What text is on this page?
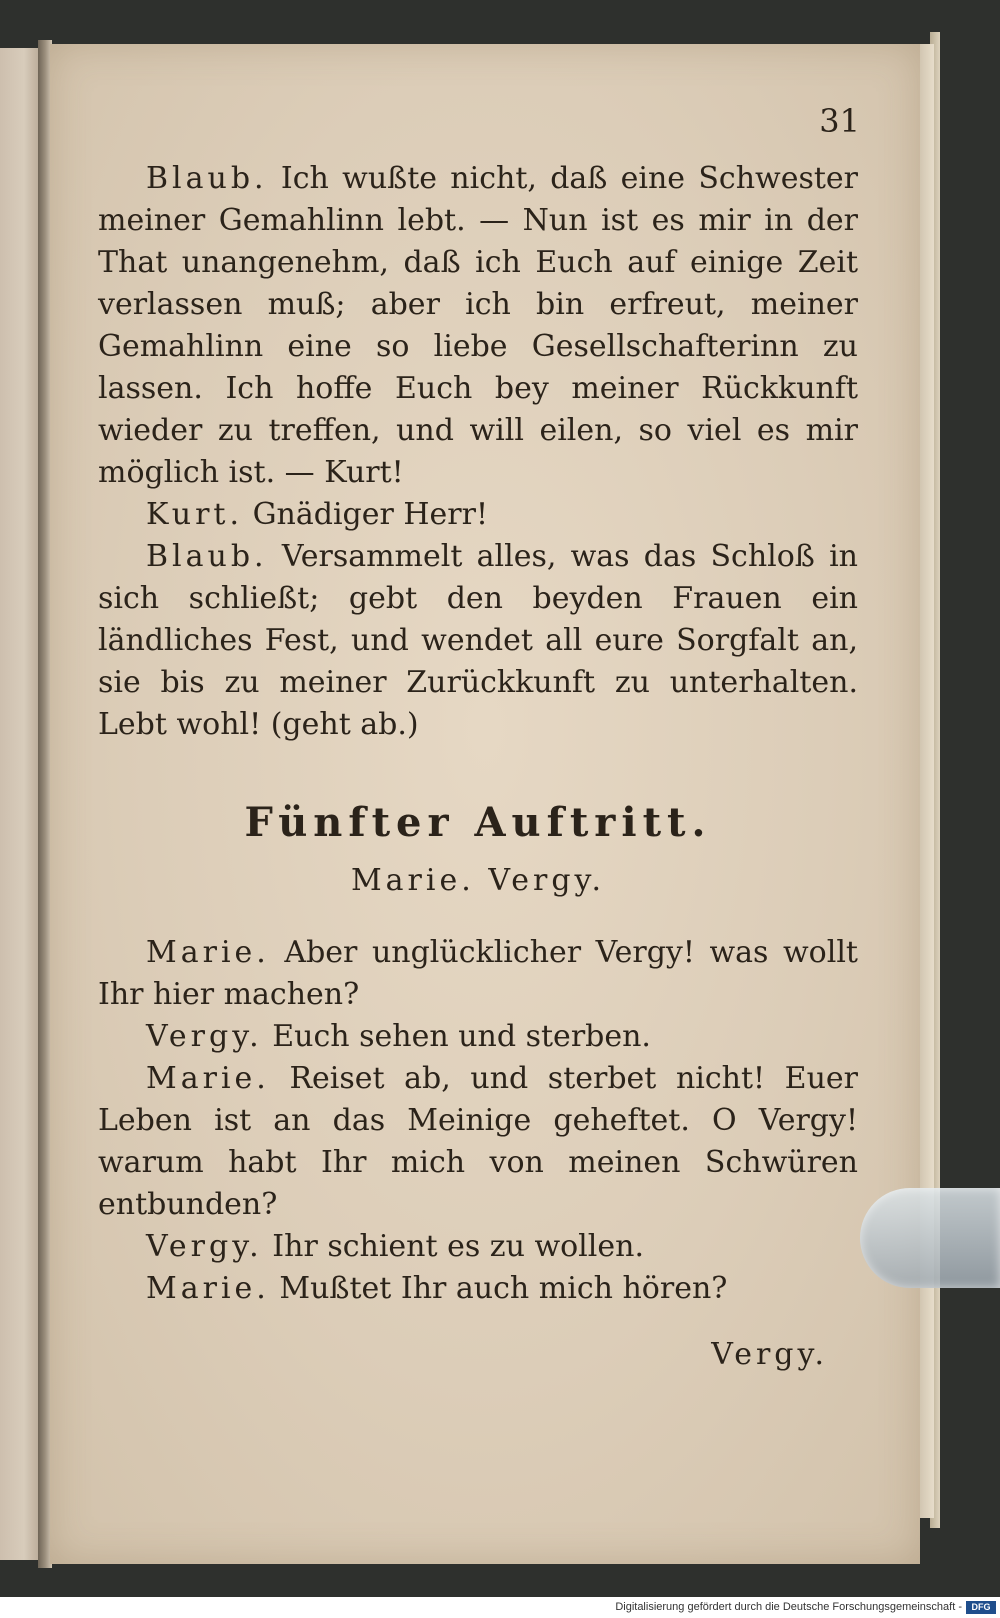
31

Blaub. Ich wußte nicht, daß eine Schwester meiner Gemahlinn lebt. — Nun ist es mir in der That unangenehm, daß ich Euch auf einige Zeit verlassen muß; aber ich bin erfreut, meiner Gemahlinn eine so liebe Gesellschafterinn zu lassen. Ich hoffe Euch bey meiner Rückkunft wieder zu treffen, und will eilen, so viel es mir möglich ist. — Kurt!

Kurt. Gnädiger Herr!

Blaub. Versammelt alles, was das Schloß in sich schließt; gebt den beyden Frauen ein ländliches Fest, und wendet all eure Sorgfalt an, sie bis zu meiner Zurückkunft zu unterhalten. Lebt wohl! (geht ab.)

Fünfter Auftritt.
Marie. Vergy.

Marie. Aber unglücklicher Vergy! was wollt Ihr hier machen?

Vergy. Euch sehen und sterben.

Marie. Reiset ab, und sterbet nicht! Euer Leben ist an das Meinige geheftet. O Vergy! warum habt Ihr mich von meinen Schwüren entbunden?

Vergy. Ihr schient es zu wollen.

Marie. Mußtet Ihr auch mich hören?

Vergy.
Digitalisierung gefördert durch die Deutsche Forschungsgemeinschaft -	DFG
